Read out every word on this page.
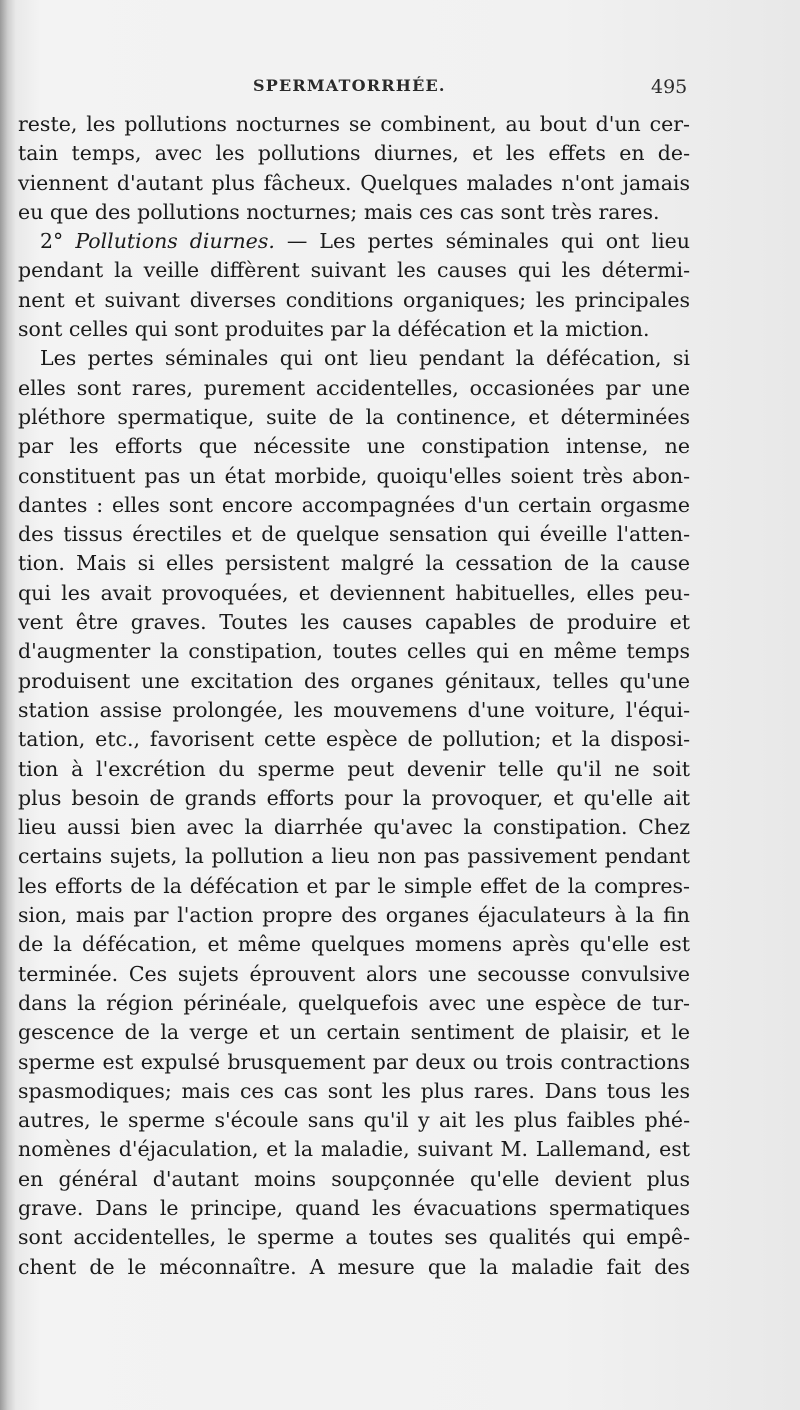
SPERMATORRHÉE.	495
reste, les pollutions nocturnes se combinent, au bout d'un cer-
tain temps, avec les pollutions diurnes, et les effets en de-
viennent d'autant plus fâcheux. Quelques malades n'ont jamais
eu que des pollutions nocturnes; mais ces cas sont très rares.
2° Pollutions diurnes. — Les pertes séminales qui ont lieu
pendant la veille diffèrent suivant les causes qui les détermi-
nent et suivant diverses conditions organiques; les principales
sont celles qui sont produites par la défécation et la miction.
Les pertes séminales qui ont lieu pendant la défécation, si
elles sont rares, purement accidentelles, occasionées par une
pléthore spermatique, suite de la continence, et déterminées
par les efforts que nécessite une constipation intense, ne
constituent pas un état morbide, quoiqu'elles soient très abon-
dantes : elles sont encore accompagnées d'un certain orgasme
des tissus érectiles et de quelque sensation qui éveille l'atten-
tion. Mais si elles persistent malgré la cessation de la cause
qui les avait provoquées, et deviennent habituelles, elles peu-
vent être graves. Toutes les causes capables de produire et
d'augmenter la constipation, toutes celles qui en même temps
produisent une excitation des organes génitaux, telles qu'une
station assise prolongée, les mouvemens d'une voiture, l'équi-
tation, etc., favorisent cette espèce de pollution; et la disposi-
tion à l'excrétion du sperme peut devenir telle qu'il ne soit
plus besoin de grands efforts pour la provoquer, et qu'elle ait
lieu aussi bien avec la diarrhée qu'avec la constipation. Chez
certains sujets, la pollution a lieu non pas passivement pendant
les efforts de la défécation et par le simple effet de la compres-
sion, mais par l'action propre des organes éjaculateurs à la fin
de la défécation, et même quelques momens après qu'elle est
terminée. Ces sujets éprouvent alors une secousse convulsive
dans la région périnéale, quelquefois avec une espèce de tur-
gescence de la verge et un certain sentiment de plaisir, et le
sperme est expulsé brusquement par deux ou trois contractions
spasmodiques; mais ces cas sont les plus rares. Dans tous les
autres, le sperme s'écoule sans qu'il y ait les plus faibles phé-
nomènes d'éjaculation, et la maladie, suivant M. Lallemand, est
en général d'autant moins soupçonnée qu'elle devient plus
grave. Dans le principe, quand les évacuations spermatiques
sont accidentelles, le sperme a toutes ses qualités qui empê-
chent de le méconnaître. A mesure que la maladie fait des
